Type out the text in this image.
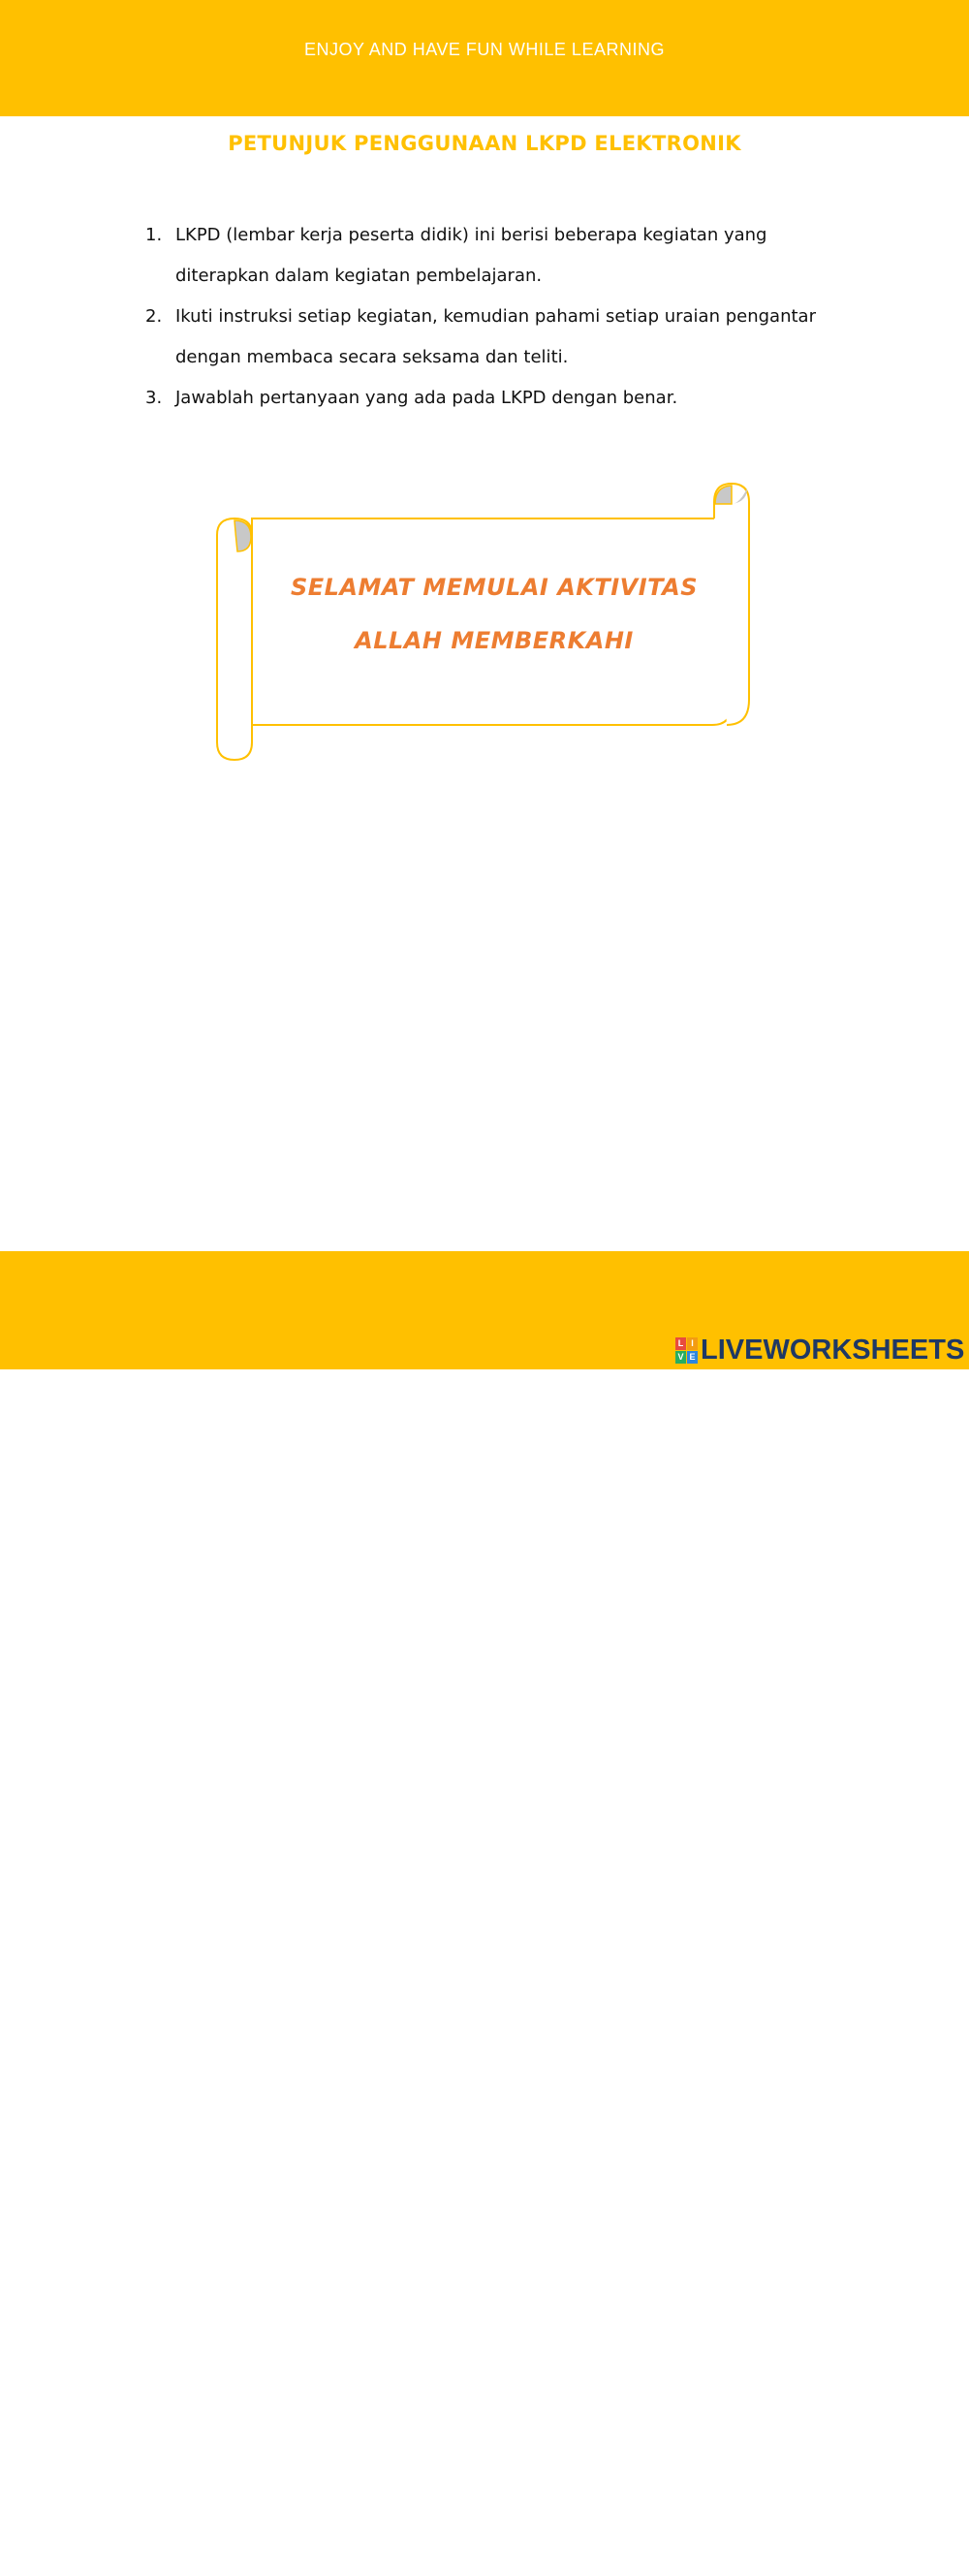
ENJOY AND HAVE FUN WHILE LEARNING
PETUNJUK PENGGUNAAN LKPD ELEKTRONIK
1. LKPD (lembar kerja peserta didik) ini berisi beberapa kegiatan yang
diterapkan dalam kegiatan pembelajaran.
2. Ikuti instruksi setiap kegiatan, kemudian pahami setiap uraian pengantar
dengan membaca secara seksama dan teliti.
3. Jawablah pertanyaan yang ada pada LKPD dengan benar.
SELAMAT MEMULAI AKTIVITAS
ALLAH MEMBERKAHI
SDN KEMAKMURAN 1 2020/2021
L I
V E LIVEWORKSHEETS
